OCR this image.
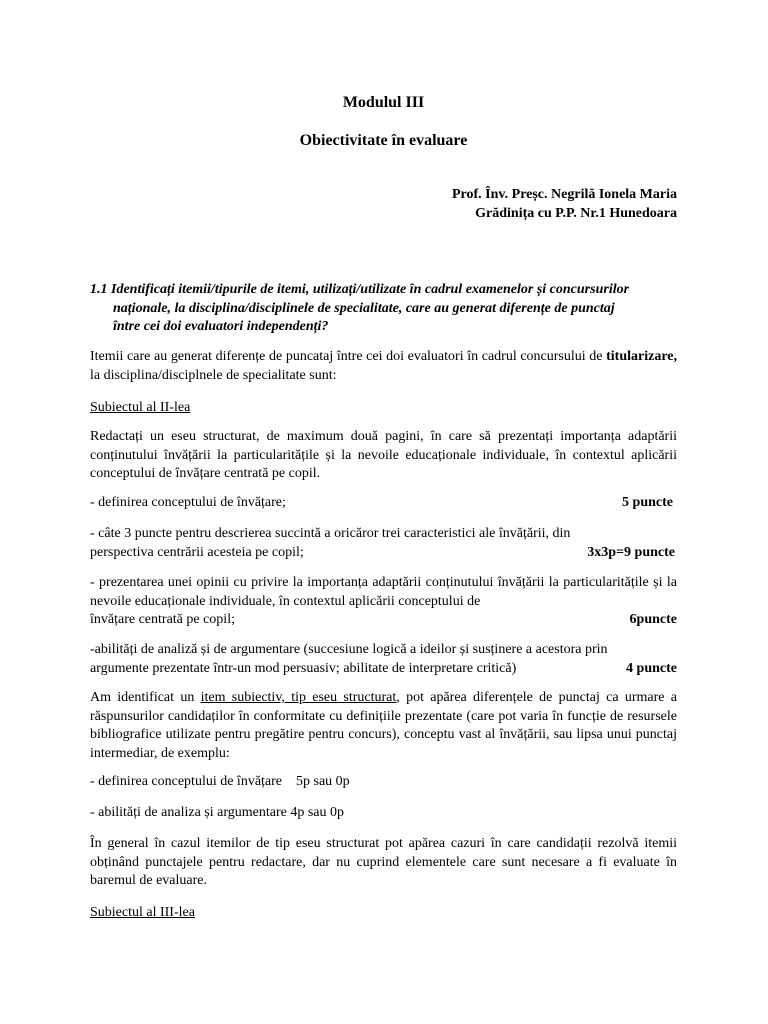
Modulul III
Obiectivitate în evaluare
Prof. Înv. Preșc. Negrilă Ionela Maria
Grădinița cu P.P. Nr.1 Hunedoara

1.1 Identificați itemii/tipurile de itemi, utilizați/utilizate în cadrul examenelor și concursurilor

naționale, la disciplina/disciplinele de specialitate, care au generat diferențe de punctaj

între cei doi evaluatori independenți?

Itemii care au generat diferențe de puncataj între cei doi evaluatori în cadrul concursului de titularizare, la disciplina/disciplnele de specialitate sunt:

Subiectul al II-lea

Redactați un eseu structurat, de maximum două pagini, în care să prezentați importanța adaptării conținutului învățării la particularitățile și la nevoile educaționale individuale, în contextul aplicării conceptului de învățare centrată pe copil.

- definirea conceptului de învățare;	5 puncte

- câte 3 puncte pentru descrierea succintă a oricăror trei caracteristici ale învățării, din

perspectiva centrării acesteia pe copil;	3x3p=9 puncte

- prezentarea unei opinii cu privire la importanța adaptării conținutului învățării la particularitățile și la nevoile educaționale individuale, în contextul aplicării conceptului de

învățare centrată pe copil;	6puncte

-abilități de analiză și de argumentare (succesiune logică a ideilor și susținere a acestora prin

argumente prezentate într-un mod persuasiv; abilitate de interpretare critică)	4 puncte

Am identificat un item subiectiv, tip eseu structurat, pot apărea diferențele de punctaj ca urmare a răspunsurilor candidaților în conformitate cu definițiile prezentate (care pot varia în funcție de resursele bibliografice utilizate pentru pregătire pentru concurs), conceptu vast al învățării, sau lipsa unui punctaj intermediar, de exemplu:

- definirea conceptului de învățare    5p sau 0p

- abilități de analiza și argumentare 4p sau 0p

În general în cazul itemilor de tip eseu structurat pot apărea cazuri în care candidații rezolvă itemii obținând punctajele pentru redactare, dar nu cuprind elementele care sunt necesare a fi evaluate în baremul de evaluare.

Subiectul al III-lea
